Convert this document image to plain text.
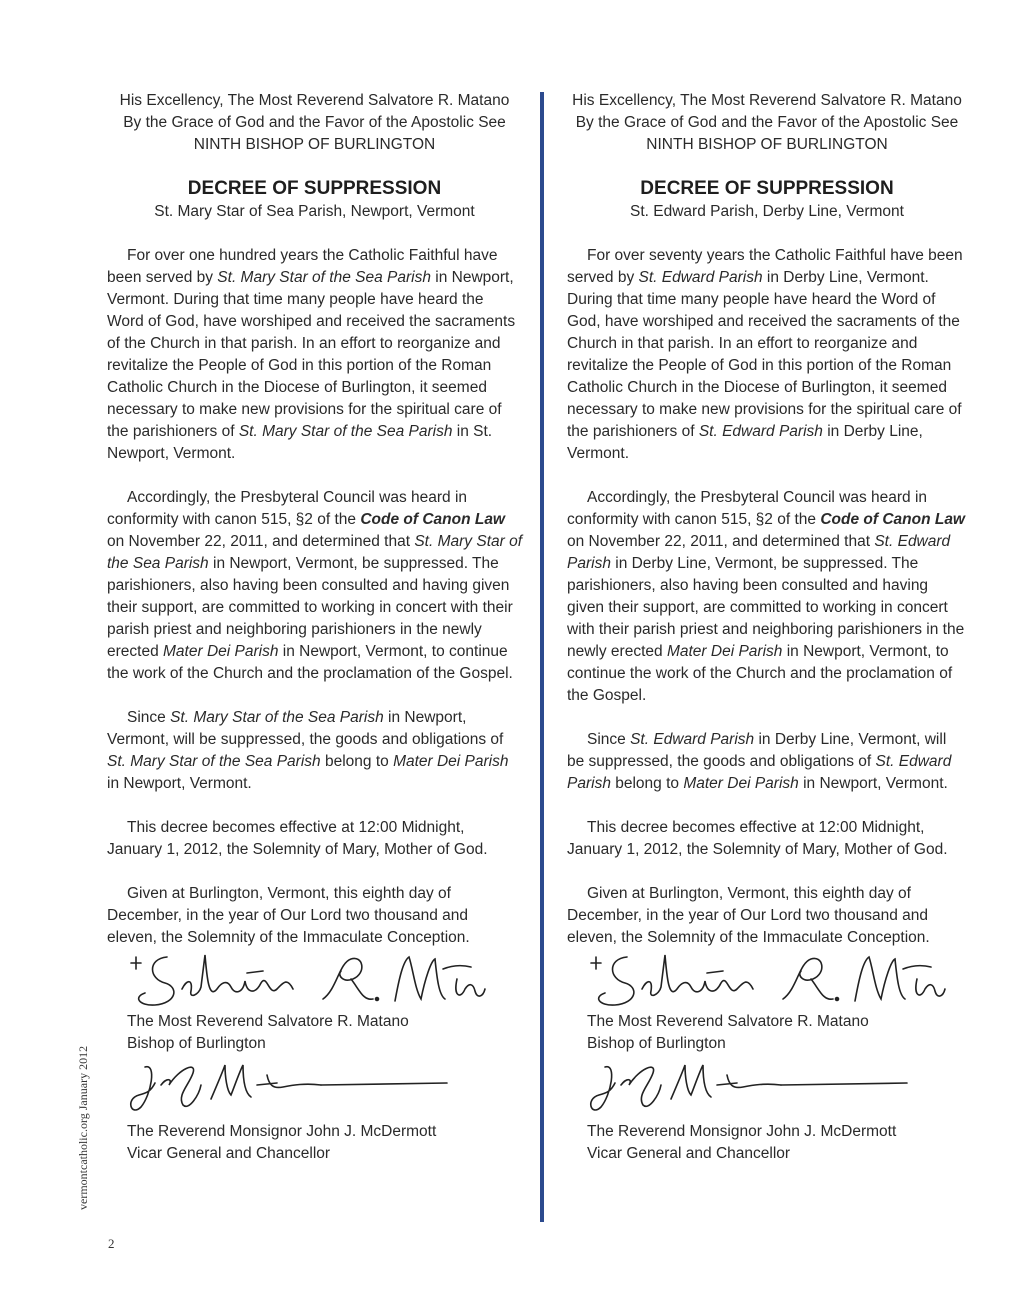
His Excellency, The Most Reverend Salvatore R. Matano
By the Grace of God and the Favor of the Apostolic See
NINTH BISHOP OF BURLINGTON
DECREE OF SUPPRESSION
St. Mary Star of Sea Parish, Newport, Vermont

For over one hundred years the Catholic Faithful have been served by St. Mary Star of the Sea Parish in Newport, Vermont. During that time many people have heard the Word of God, have worshiped and received the sacraments of the Church in that parish. In an effort to reorganize and revitalize the People of God in this portion of the Roman Catholic Church in the Diocese of Burlington, it seemed necessary to make new provisions for the spiritual care of the parishioners of St. Mary Star of the Sea Parish in St. Newport, Vermont.

Accordingly, the Presbyteral Council was heard in conformity with canon 515, §2 of the Code of Canon Law on November 22, 2011, and determined that St. Mary Star of the Sea Parish in Newport, Vermont, be suppressed. The parishioners, also having been consulted and having given their support, are committed to working in concert with their parish priest and neighboring parishioners in the newly erected Mater Dei Parish in Newport, Vermont, to continue the work of the Church and the proclamation of the Gospel.

Since St. Mary Star of the Sea Parish in Newport, Vermont, will be suppressed, the goods and obligations of St. Mary Star of the Sea Parish belong to Mater Dei Parish in Newport, Vermont.

This decree becomes effective at 12:00 Midnight, January 1, 2012, the Solemnity of Mary, Mother of God.

Given at Burlington, Vermont, this eighth day of December, in the year of Our Lord two thousand and eleven, the Solemnity of the Immaculate Conception.

The Most Reverend Salvatore R. Matano
Bishop of Burlington
The Reverend Monsignor John J. McDermott
Vicar General and Chancellor
His Excellency, The Most Reverend Salvatore R. Matano
By the Grace of God and the Favor of the Apostolic See
NINTH BISHOP OF BURLINGTON
DECREE OF SUPPRESSION
St. Edward Parish, Derby Line, Vermont

For over seventy years the Catholic Faithful have been served by St. Edward Parish in Derby Line, Vermont. During that time many people have heard the Word of God, have worshiped and received the sacraments of the Church in that parish. In an effort to reorganize and revitalize the People of God in this portion of the Roman Catholic Church in the Diocese of Burlington, it seemed necessary to make new provisions for the spiritual care of the parishioners of St. Edward Parish in Derby Line, Vermont.

Accordingly, the Presbyteral Council was heard in conformity with canon 515, §2 of the Code of Canon Law on November 22, 2011, and determined that St. Edward Parish in Derby Line, Vermont, be suppressed. The parishioners, also having been consulted and having given their support, are committed to working in concert with their parish priest and neighboring parishioners in the newly erected Mater Dei Parish in Newport, Vermont, to continue the work of the Church and the proclamation of the Gospel.

Since St. Edward Parish in Derby Line, Vermont, will be suppressed, the goods and obligations of St. Edward Parish belong to Mater Dei Parish in Newport, Vermont.

This decree becomes effective at 12:00 Midnight, January 1, 2012, the Solemnity of Mary, Mother of God.

Given at Burlington, Vermont, this eighth day of December, in the year of Our Lord two thousand and eleven, the Solemnity of the Immaculate Conception.

The Most Reverend Salvatore R. Matano
Bishop of Burlington
The Reverend Monsignor John J. McDermott
Vicar General and Chancellor
vermontcatholic.org January 2012
2
